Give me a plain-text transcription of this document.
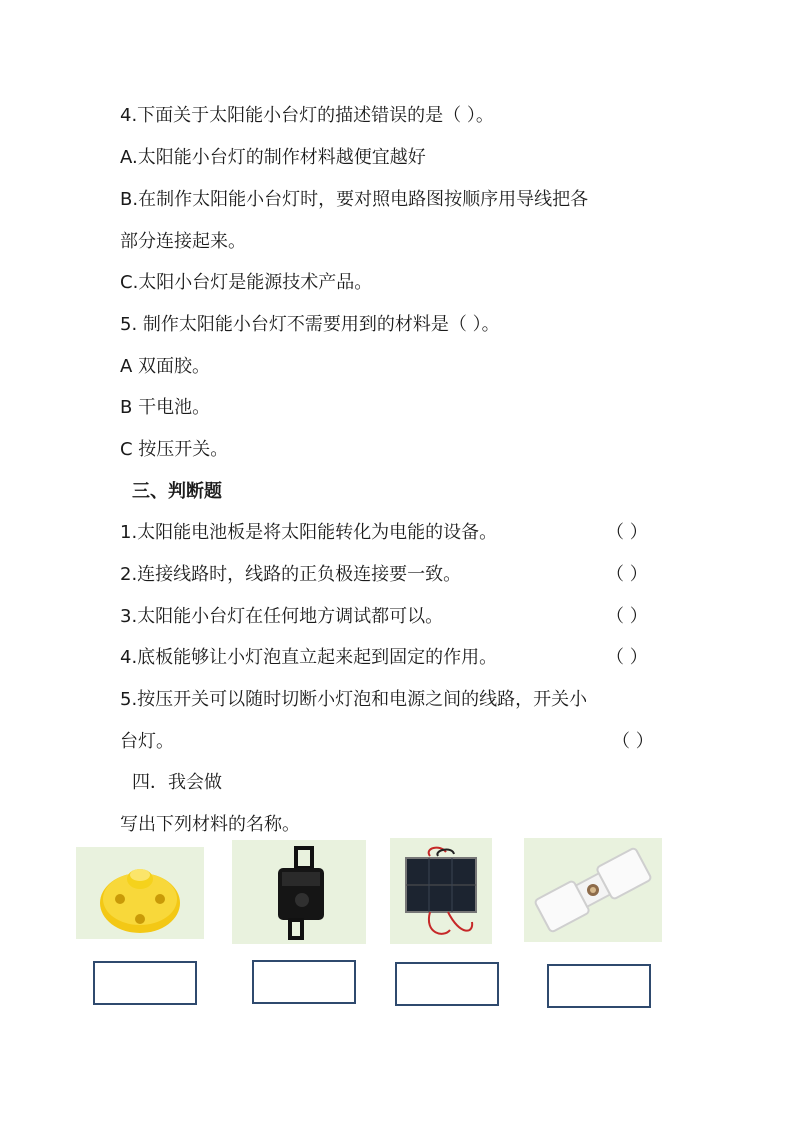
4.下面关于太阳能小台灯的描述错误的是（ ）。
A.太阳能小台灯的制作材料越便宜越好
B.在制作太阳能小台灯时，要对照电路图按顺序用导线把各
部分连接起来。
C.太阳小台灯是能源技术产品。
5. 制作太阳能小台灯不需要用到的材料是（ ）。
A 双面胶。
B 干电池。
C 按压开关。
三、判断题
1.太阳能电池板是将太阳能转化为电能的设备。
2.连接线路时，线路的正负极连接要一致。
3.太阳能小台灯在任何地方调试都可以。
4.底板能够让小灯泡直立起来起到固定的作用。
5.按压开关可以随时切断小灯泡和电源之间的线路，开关小
台灯。
四．我会做
写出下列材料的名称。
（ ）
（ ）
（ ）
（ ）
（ ）
